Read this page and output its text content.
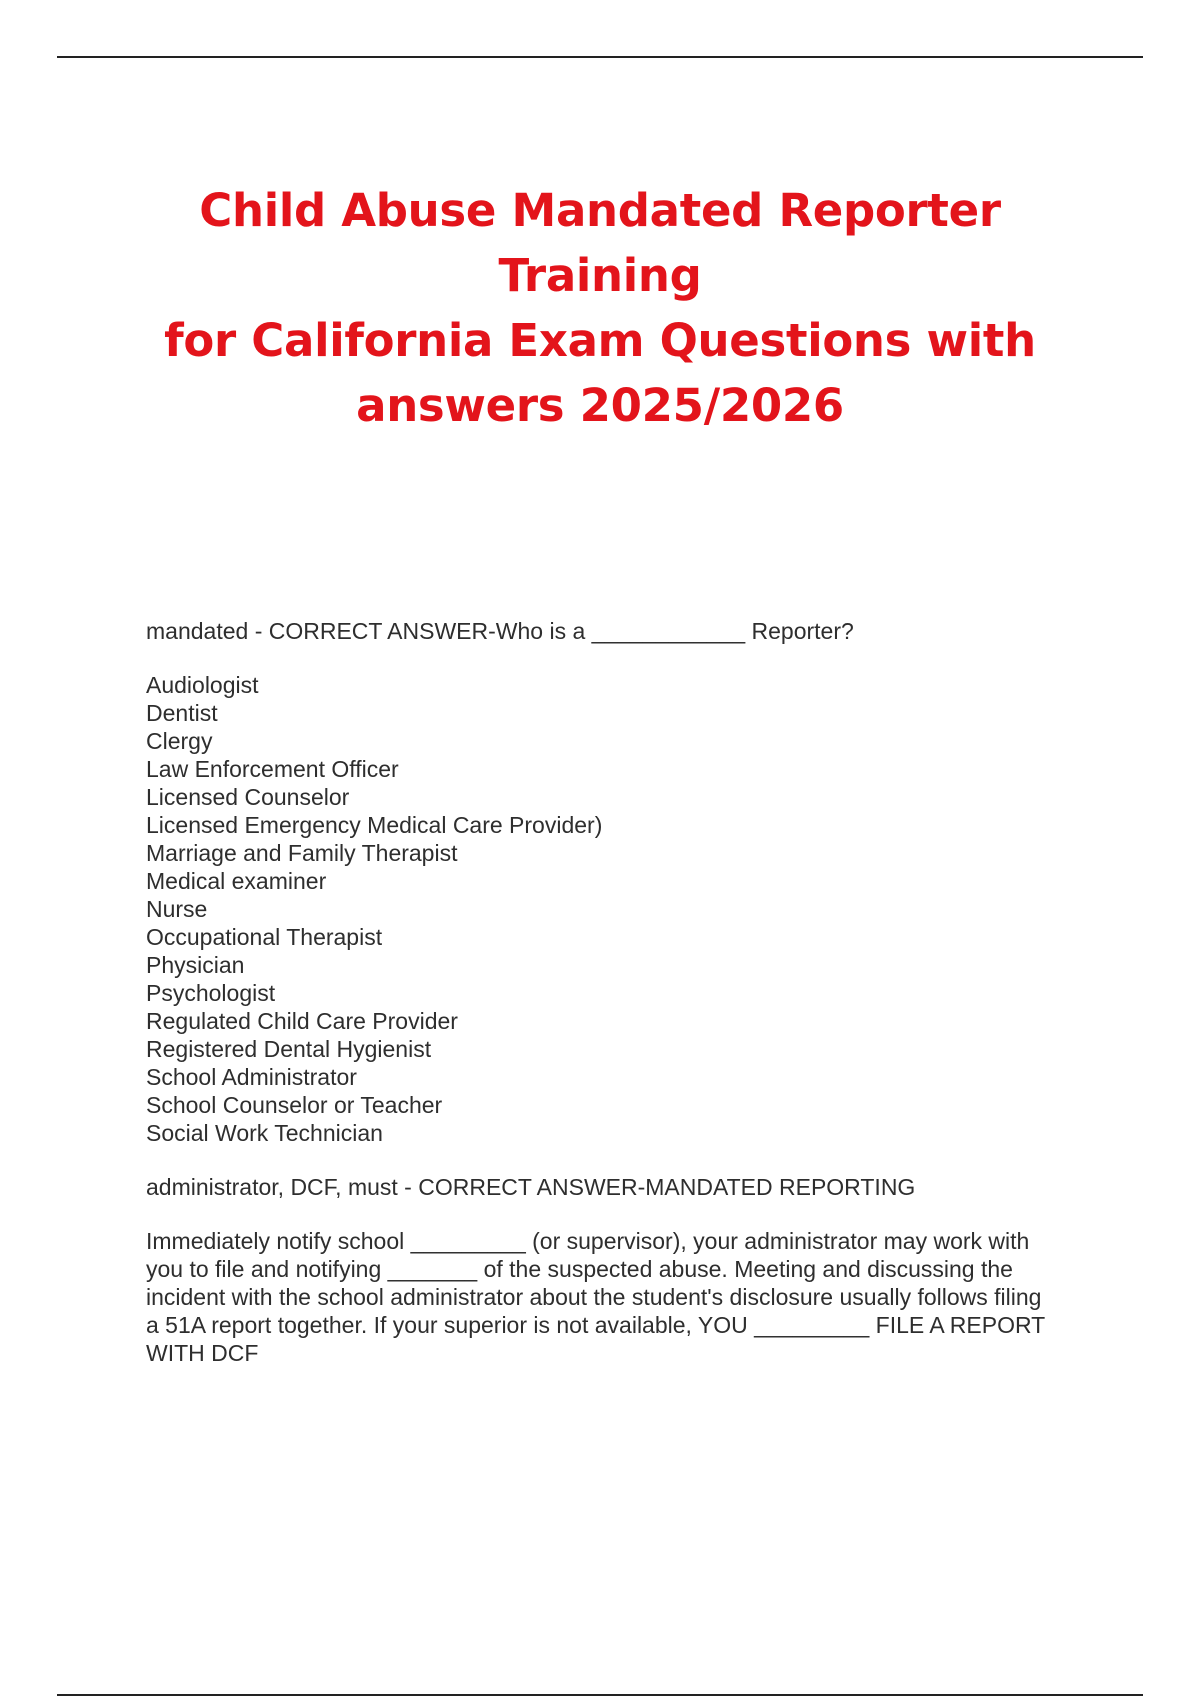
Child Abuse Mandated Reporter Training
for California Exam Questions with
answers 2025/2026

mandated - CORRECT ANSWER-Who is a ____________ Reporter?

Audiologist
Dentist
Clergy
Law Enforcement Officer
Licensed Counselor
Licensed Emergency Medical Care Provider)
Marriage and Family Therapist
Medical examiner
Nurse
Occupational Therapist
Physician
Psychologist
Regulated Child Care Provider
Registered Dental Hygienist
School Administrator
School Counselor or Teacher
Social Work Technician

administrator, DCF, must - CORRECT ANSWER-MANDATED REPORTING

Immediately notify school _________ (or supervisor), your administrator may work with
you to file and notifying _______ of the suspected abuse. Meeting and discussing the
incident with the school administrator about the student's disclosure usually follows filing
a 51A report together. If your superior is not available, YOU _________ FILE A REPORT
WITH DCF
